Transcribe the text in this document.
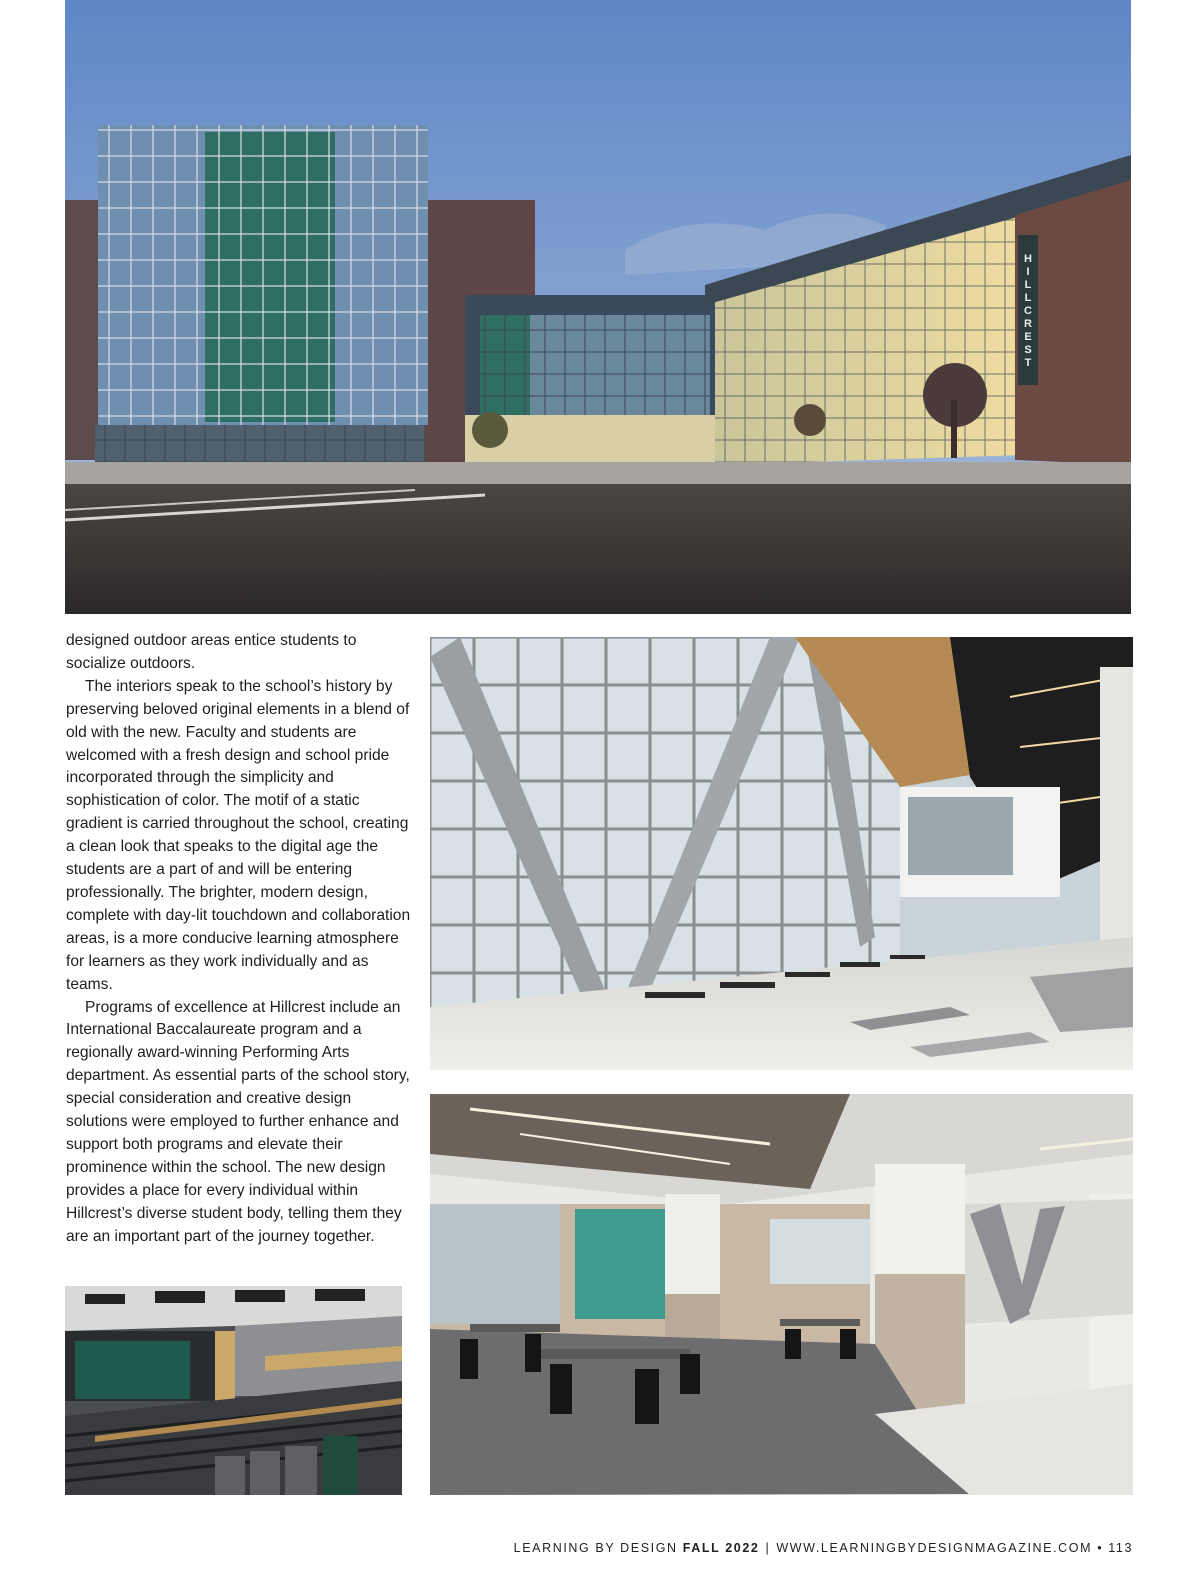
HILLCREST

designed outdoor areas entice students to socialize outdoors.

The interiors speak to the school’s history by preserving beloved original elements in a blend of old with the new. Faculty and students are welcomed with a fresh design and school pride incorporated through the simplicity and sophistication of color. The motif of a static gradient is carried throughout the school, creating a clean look that speaks to the digital age the students are a part of and will be entering professionally. The brighter, modern design, complete with day-lit touchdown and collaboration areas, is a more conducive learning atmosphere for learners as they work individually and as teams.

Programs of excellence at Hillcrest include an International Baccalaureate program and a regionally award-winning Performing Arts department. As essential parts of the school story, special consideration and creative design solutions were employed to further enhance and support both programs and elevate their prominence within the school. The new design provides a place for every individual within Hillcrest’s diverse student body, telling them they are an important part of the journey together.

LEARNING BY DESIGN FALL 2022 | WWW.LEARNINGBYDESIGNMAGAZINE.COM • 113
